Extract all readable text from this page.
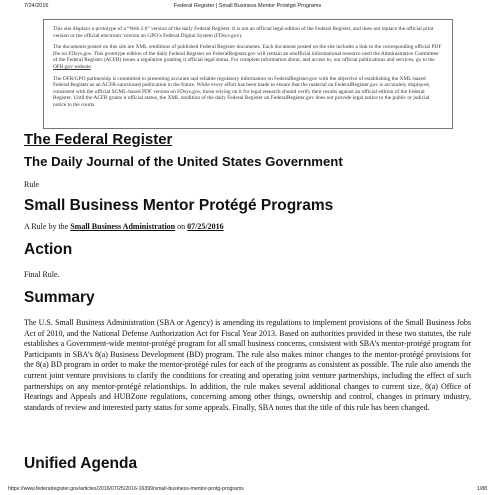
7/24/2016	Federal Register | Small Business Mentor Protégé Programs

This site displays a prototype of a “Web 2.0” version of the daily Federal Register. It is not an official legal edition of the Federal Register, and does not replace the official print version or the official electronic version on GPO’s Federal Digital System (FDsys.gov).

The documents posted on this site are XML renditions of published Federal Register documents. Each document posted on the site includes a link to the corresponding official PDF file on FDsys.gov. This prototype edition of the daily Federal Register on FederalRegister.gov will remain an unofficial informational resource until the Administrative Committee of the Federal Register (ACFR) issues a regulation granting it official legal status. For complete information about, and access to, our official publications and services, go to the OFR.gov website.

The OFR/GPO partnership is committed to presenting accurate and reliable regulatory information on FederalRegister.gov with the objective of establishing the XML-based Federal Register as an ACFR-sanctioned publication in the future. While every effort has been made to ensure that the material on FederalRegister.gov is accurately displayed, consistent with the official SGML-based PDF version on FDsys.gov, those relying on it for legal research should verify their results against an official edition of the Federal Register. Until the ACFR grants it official status, the XML rendition of the daily Federal Register on FederalRegister.gov does not provide legal notice to the public or judicial notice to the courts.

The Federal Register
The Daily Journal of the United States Government
Rule
Small Business Mentor Protégé Programs
A Rule by the Small Business Administration on 07/25/2016
Action
Final Rule.
Summary

The U.S. Small Business Administration (SBA or Agency) is amending its regulations to implement provisions of the Small Business Jobs Act of 2010, and the National Defense Authorization Act for Fiscal Year 2013. Based on authorities provided in these two statutes, the rule establishes a Government-wide mentor-protégé program for all small business concerns, consistent with SBA’s mentor-protégé program for Participants in SBA’s 8(a) Business Development (BD) program. The rule also makes minor changes to the mentor-protégé provisions for the 8(a) BD program in order to make the mentor-protégé rules for each of the programs as consistent as possible. The rule also amends the current joint venture provisions to clarify the conditions for creating and operating joint venture partnerships, including the effect of such partnerships on any mentor-protégé relationships. In addition, the rule makes several additional changes to current size, 8(a) Office of Hearings and Appeals and HUBZone regulations, concerning among other things, ownership and control, changes in primary industry, standards of review and interested party status for some appeals. Finally, SBA notes that the title of this rule has been changed.

Unified Agenda
https://www.federalregister.gov/articles/2016/07/25/2016-16399/small-business-mentor-protg-programs	1/88
